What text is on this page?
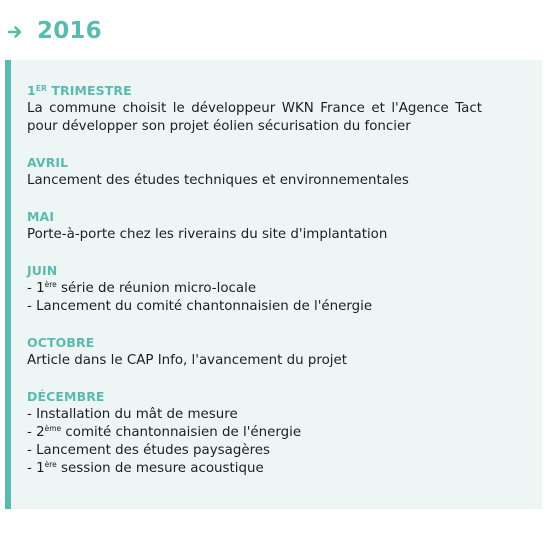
2016
1ER TRIMESTRE
La commune choisit le développeur WKN France et l'Agence Tact
pour développer son projet éolien sécurisation du foncier
AVRIL
Lancement des études techniques et environnementales
MAI
Porte-à-porte chez les riverains du site d'implantation
JUIN
- 1ère série de réunion micro-locale
- Lancement du comité chantonnaisien de l'énergie
OCTOBRE
Article dans le CAP Info, l'avancement du projet
DÉCEMBRE
- Installation du mât de mesure
- 2ème comité chantonnaisien de l'énergie
- Lancement des études paysagères
- 1ère session de mesure acoustique
